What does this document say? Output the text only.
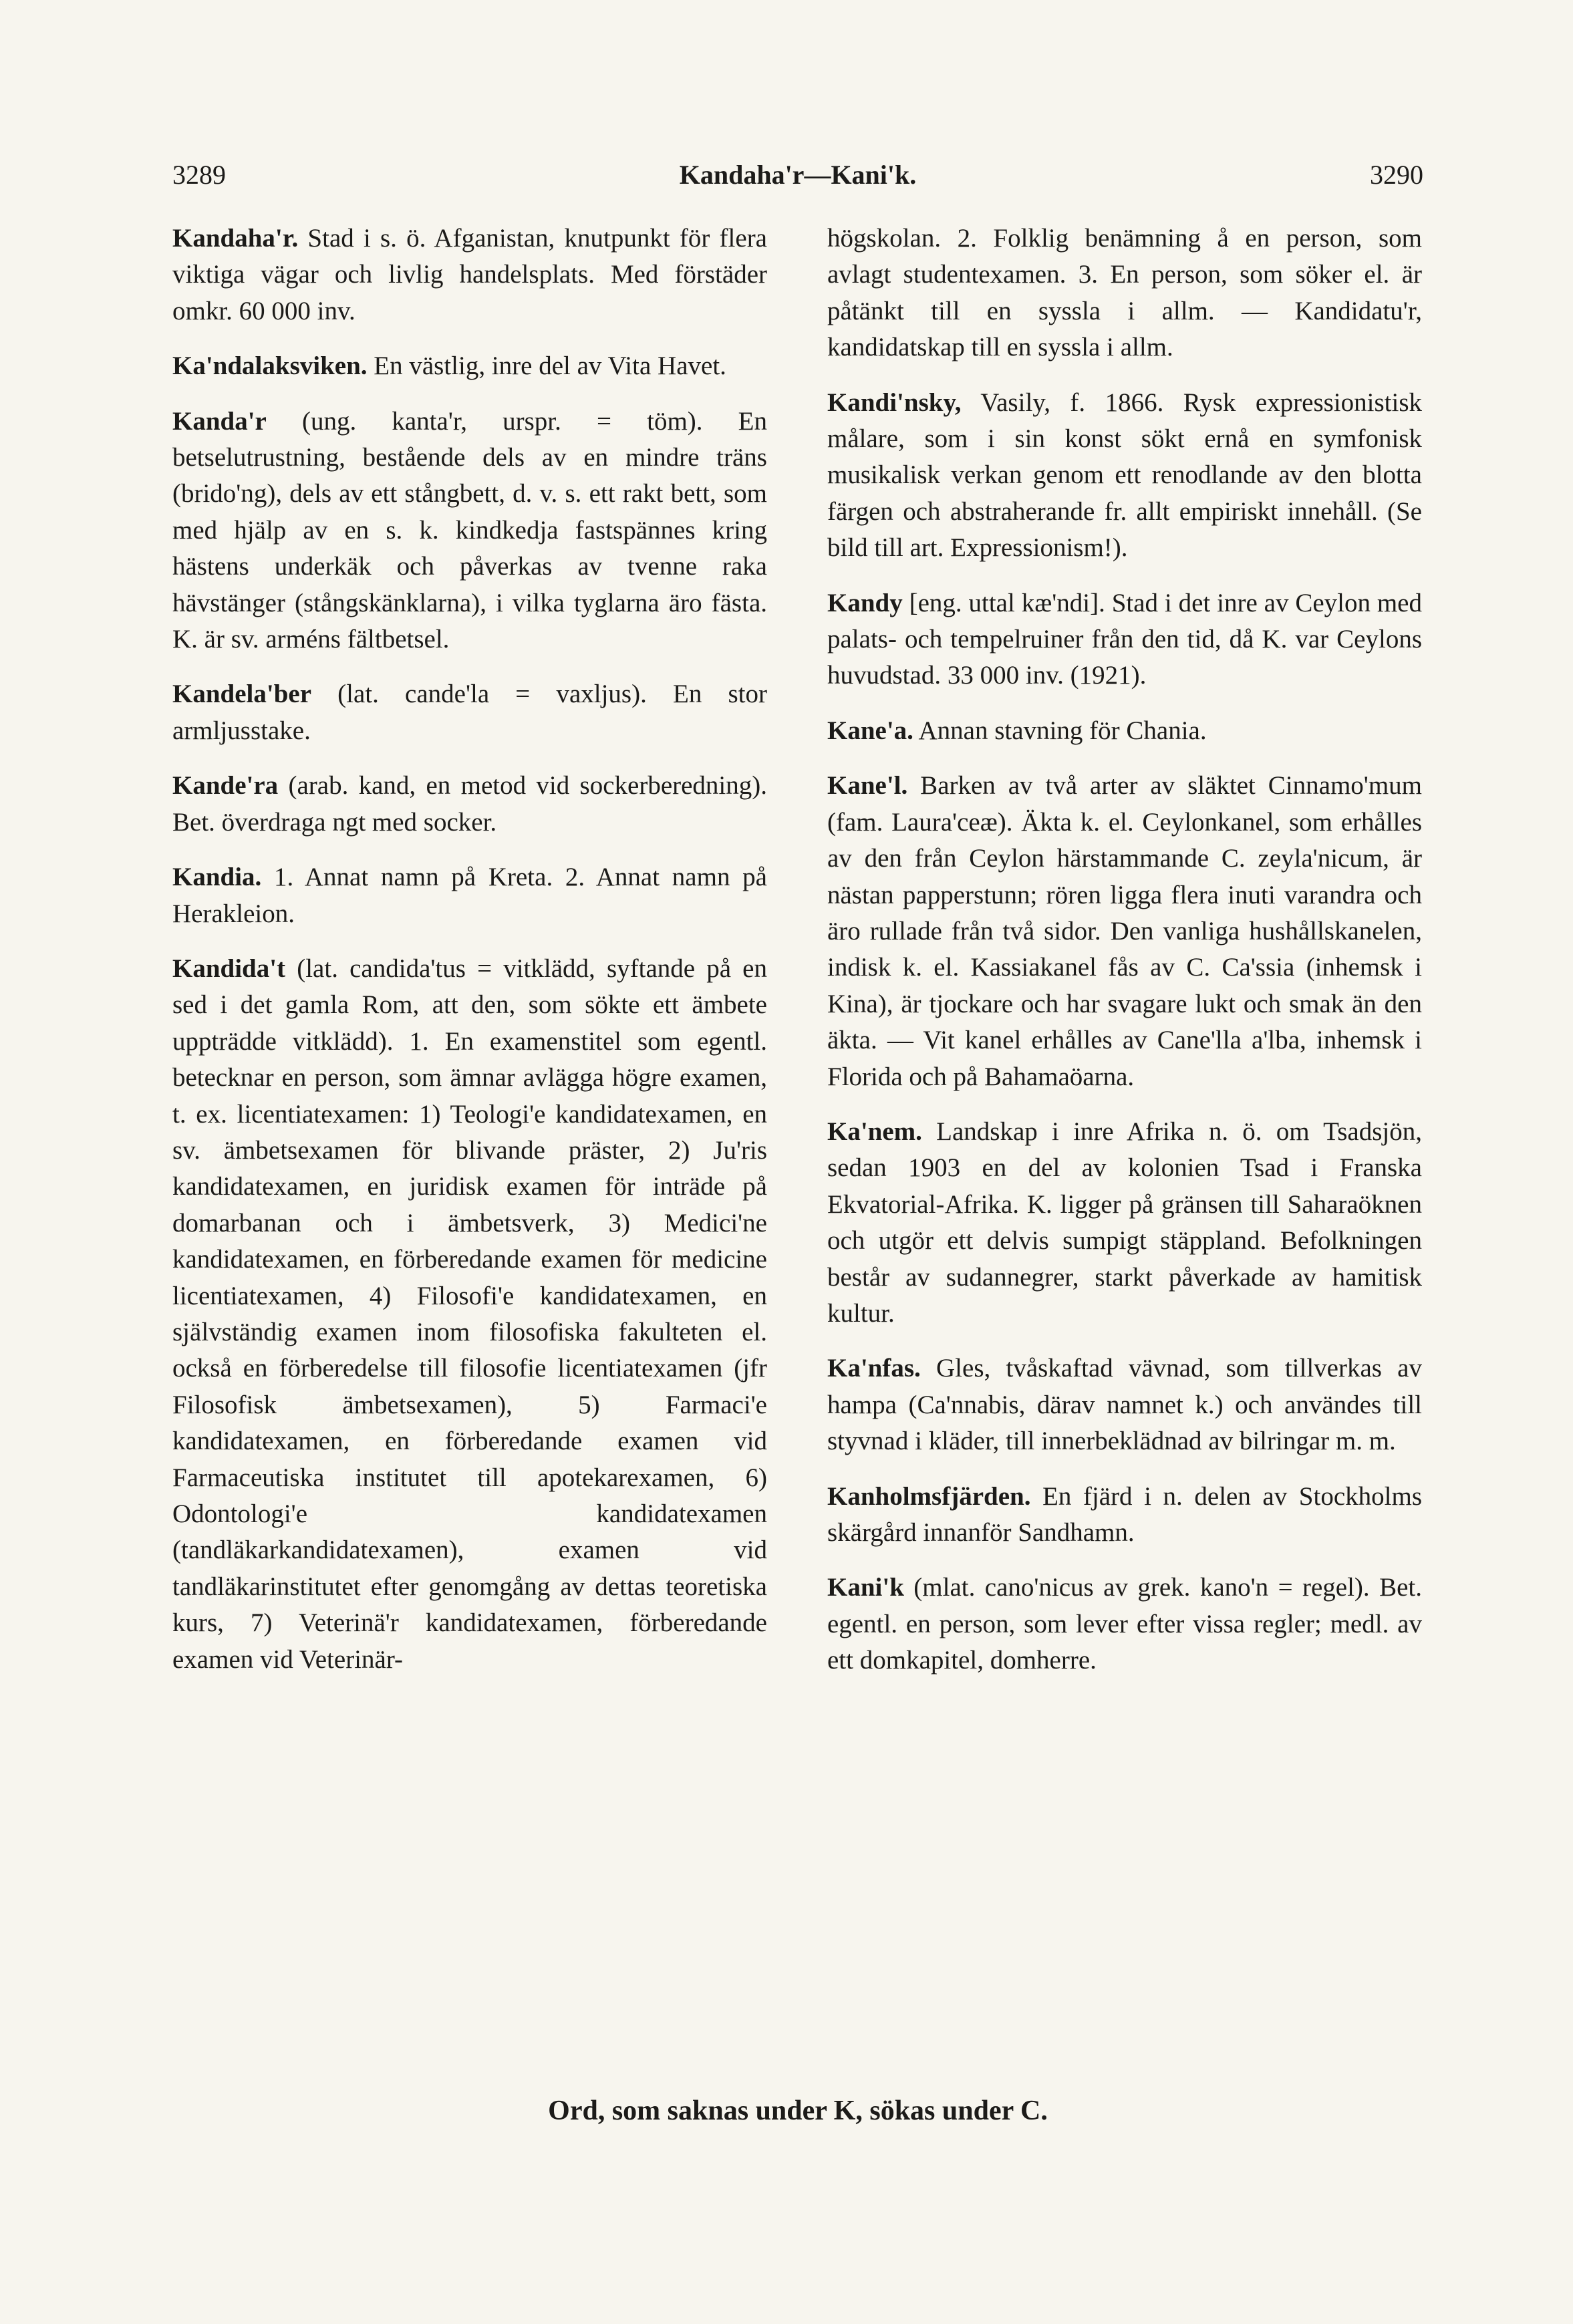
3289	Kandaha'r—Kani'k.	3290

Kandaha'r. Stad i s. ö. Afganistan, knutpunkt för flera viktiga vägar och livlig handelsplats. Med förstäder omkr. 60 000 inv.

Ka'ndalaksviken. En västlig, inre del av Vita Havet.

Kanda'r (ung. kanta'r, urspr. = töm). En betselutrustning, bestående dels av en mindre träns (brido'ng), dels av ett stångbett, d. v. s. ett rakt bett, som med hjälp av en s. k. kindkedja fastspännes kring hästens underkäk och påverkas av tvenne raka hävstänger (stångskänklarna), i vilka tyglarna äro fästa. K. är sv. arméns fältbetsel.

Kandela'ber (lat. cande'la = vaxljus). En stor armljusstake.

Kande'ra (arab. kand, en metod vid sockerberedning). Bet. överdraga ngt med socker.

Kandia. 1. Annat namn på Kreta. 2. Annat namn på Herakleion.

Kandida't (lat. candida'tus = vitklädd, syftande på en sed i det gamla Rom, att den, som sökte ett ämbete uppträdde vitklädd). 1. En examenstitel som egentl. betecknar en person, som ämnar avlägga högre examen, t. ex. licentiatexamen: 1) Teologi'e kandidatexamen, en sv. ämbetsexamen för blivande präster, 2) Ju'ris kandidatexamen, en juridisk examen för inträde på domarbanan och i ämbetsverk, 3) Medici'ne kandidatexamen, en förberedande examen för medicine licentiatexamen, 4) Filosofi'e kandidatexamen, en självständig examen inom filosofiska fakulteten el. också en förberedelse till filosofie licentiatexamen (jfr Filosofisk ämbetsexamen), 5) Farmaci'e kandidatexamen, en förberedande examen vid Farmaceutiska institutet till apotekarexamen, 6) Odontologi'e kandidatexamen (tandläkarkandidatexamen), examen vid tandläkarinstitutet efter genomgång av dettas teoretiska kurs, 7) Veterinä'r kandidatexamen, förberedande examen vid Veterinär-

högskolan. 2. Folklig benämning å en person, som avlagt studentexamen. 3. En person, som söker el. är påtänkt till en syssla i allm. — Kandidatu'r, kandidatskap till en syssla i allm.

Kandi'nsky, Vasily, f. 1866. Rysk expressionistisk målare, som i sin konst sökt ernå en symfonisk musikalisk verkan genom ett renodlande av den blotta färgen och abstraherande fr. allt empiriskt innehåll. (Se bild till art. Expressionism!).

Kandy [eng. uttal kæ'ndi]. Stad i det inre av Ceylon med palats- och tempelruiner från den tid, då K. var Ceylons huvudstad. 33 000 inv. (1921).

Kane'a. Annan stavning för Chania.

Kane'l. Barken av två arter av släktet Cinnamo'mum (fam. Laura'ceæ). Äkta k. el. Ceylonkanel, som erhålles av den från Ceylon härstammande C. zeyla'nicum, är nästan papperstunn; rören ligga flera inuti varandra och äro rullade från två sidor. Den vanliga hushållskanelen, indisk k. el. Kassiakanel fås av C. Ca'ssia (inhemsk i Kina), är tjockare och har svagare lukt och smak än den äkta. — Vit kanel erhålles av Cane'lla a'lba, inhemsk i Florida och på Bahamaöarna.

Ka'nem. Landskap i inre Afrika n. ö. om Tsadsjön, sedan 1903 en del av kolonien Tsad i Franska Ekvatorial-Afrika. K. ligger på gränsen till Saharaöknen och utgör ett delvis sumpigt stäppland. Befolkningen består av sudannegrer, starkt påverkade av hamitisk kultur.

Ka'nfas. Gles, tvåskaftad vävnad, som tillverkas av hampa (Ca'nnabis, därav namnet k.) och användes till styvnad i kläder, till innerbeklädnad av bilringar m. m.

Kanholmsfjärden. En fjärd i n. delen av Stockholms skärgård innanför Sandhamn.

Kani'k (mlat. cano'nicus av grek. kano'n = regel). Bet. egentl. en person, som lever efter vissa regler; medl. av ett domkapitel, domherre.

Ord, som saknas under K, sökas under C.
